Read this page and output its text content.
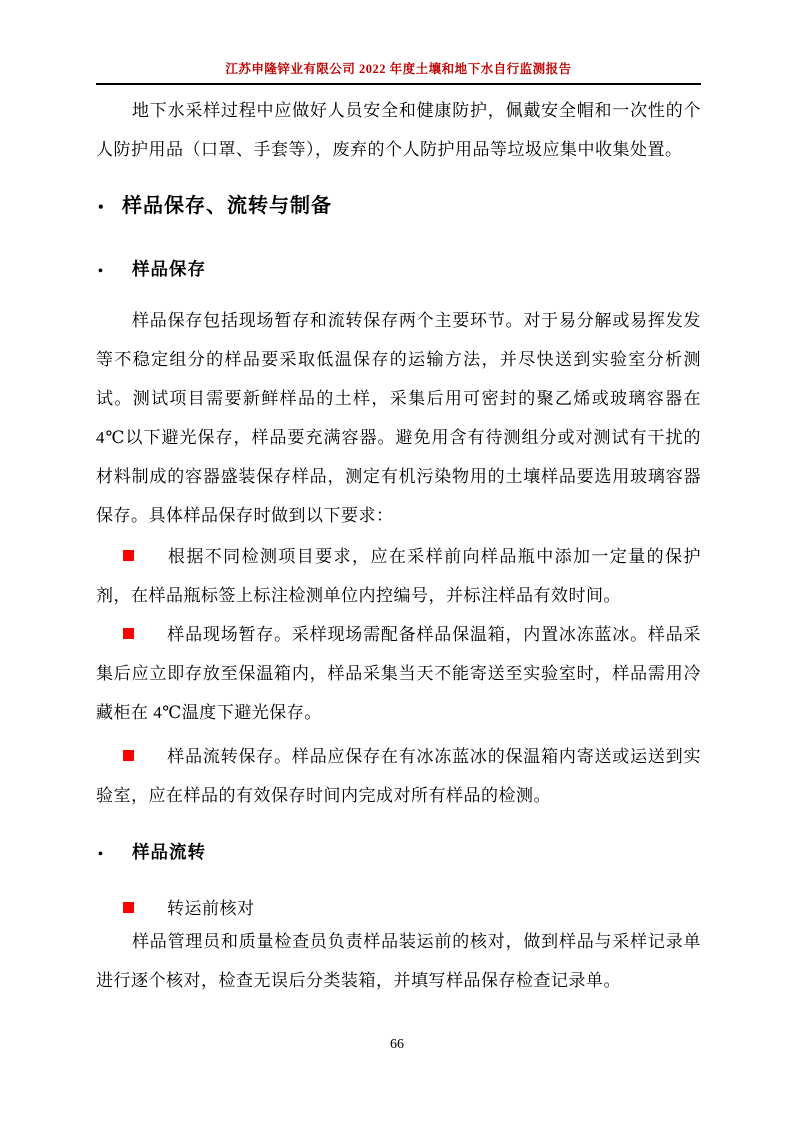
江苏申隆锌业有限公司 2022 年度土壤和地下水自行监测报告

地下水采样过程中应做好人员安全和健康防护，佩戴安全帽和一次性的个人防护用品（口罩、手套等），废弃的个人防护用品等垃圾应集中收集处置。

• 样品保存、流转与制备
• 样品保存

样品保存包括现场暂存和流转保存两个主要环节。对于易分解或易挥发发等不稳定组分的样品要采取低温保存的运输方法，并尽快送到实验室分析测试。测试项目需要新鲜样品的土样，采集后用可密封的聚乙烯或玻璃容器在 4℃以下避光保存，样品要充满容器。避免用含有待测组分或对测试有干扰的材料制成的容器盛装保存样品，测定有机污染物用的土壤样品要选用玻璃容器保存。具体样品保存时做到以下要求：

根据不同检测项目要求，应在采样前向样品瓶中添加一定量的保护剂，在样品瓶标签上标注检测单位内控编号，并标注样品有效时间。

样品现场暂存。采样现场需配备样品保温箱，内置冰冻蓝冰。样品采集后应立即存放至保温箱内，样品采集当天不能寄送至实验室时，样品需用冷藏柜在 4℃温度下避光保存。

样品流转保存。样品应保存在有冰冻蓝冰的保温箱内寄送或运送到实验室，应在样品的有效保存时间内完成对所有样品的检测。

• 样品流转

转运前核对

样品管理员和质量检查员负责样品装运前的核对，做到样品与采样记录单进行逐个核对，检查无误后分类装箱，并填写样品保存检查记录单。

66
